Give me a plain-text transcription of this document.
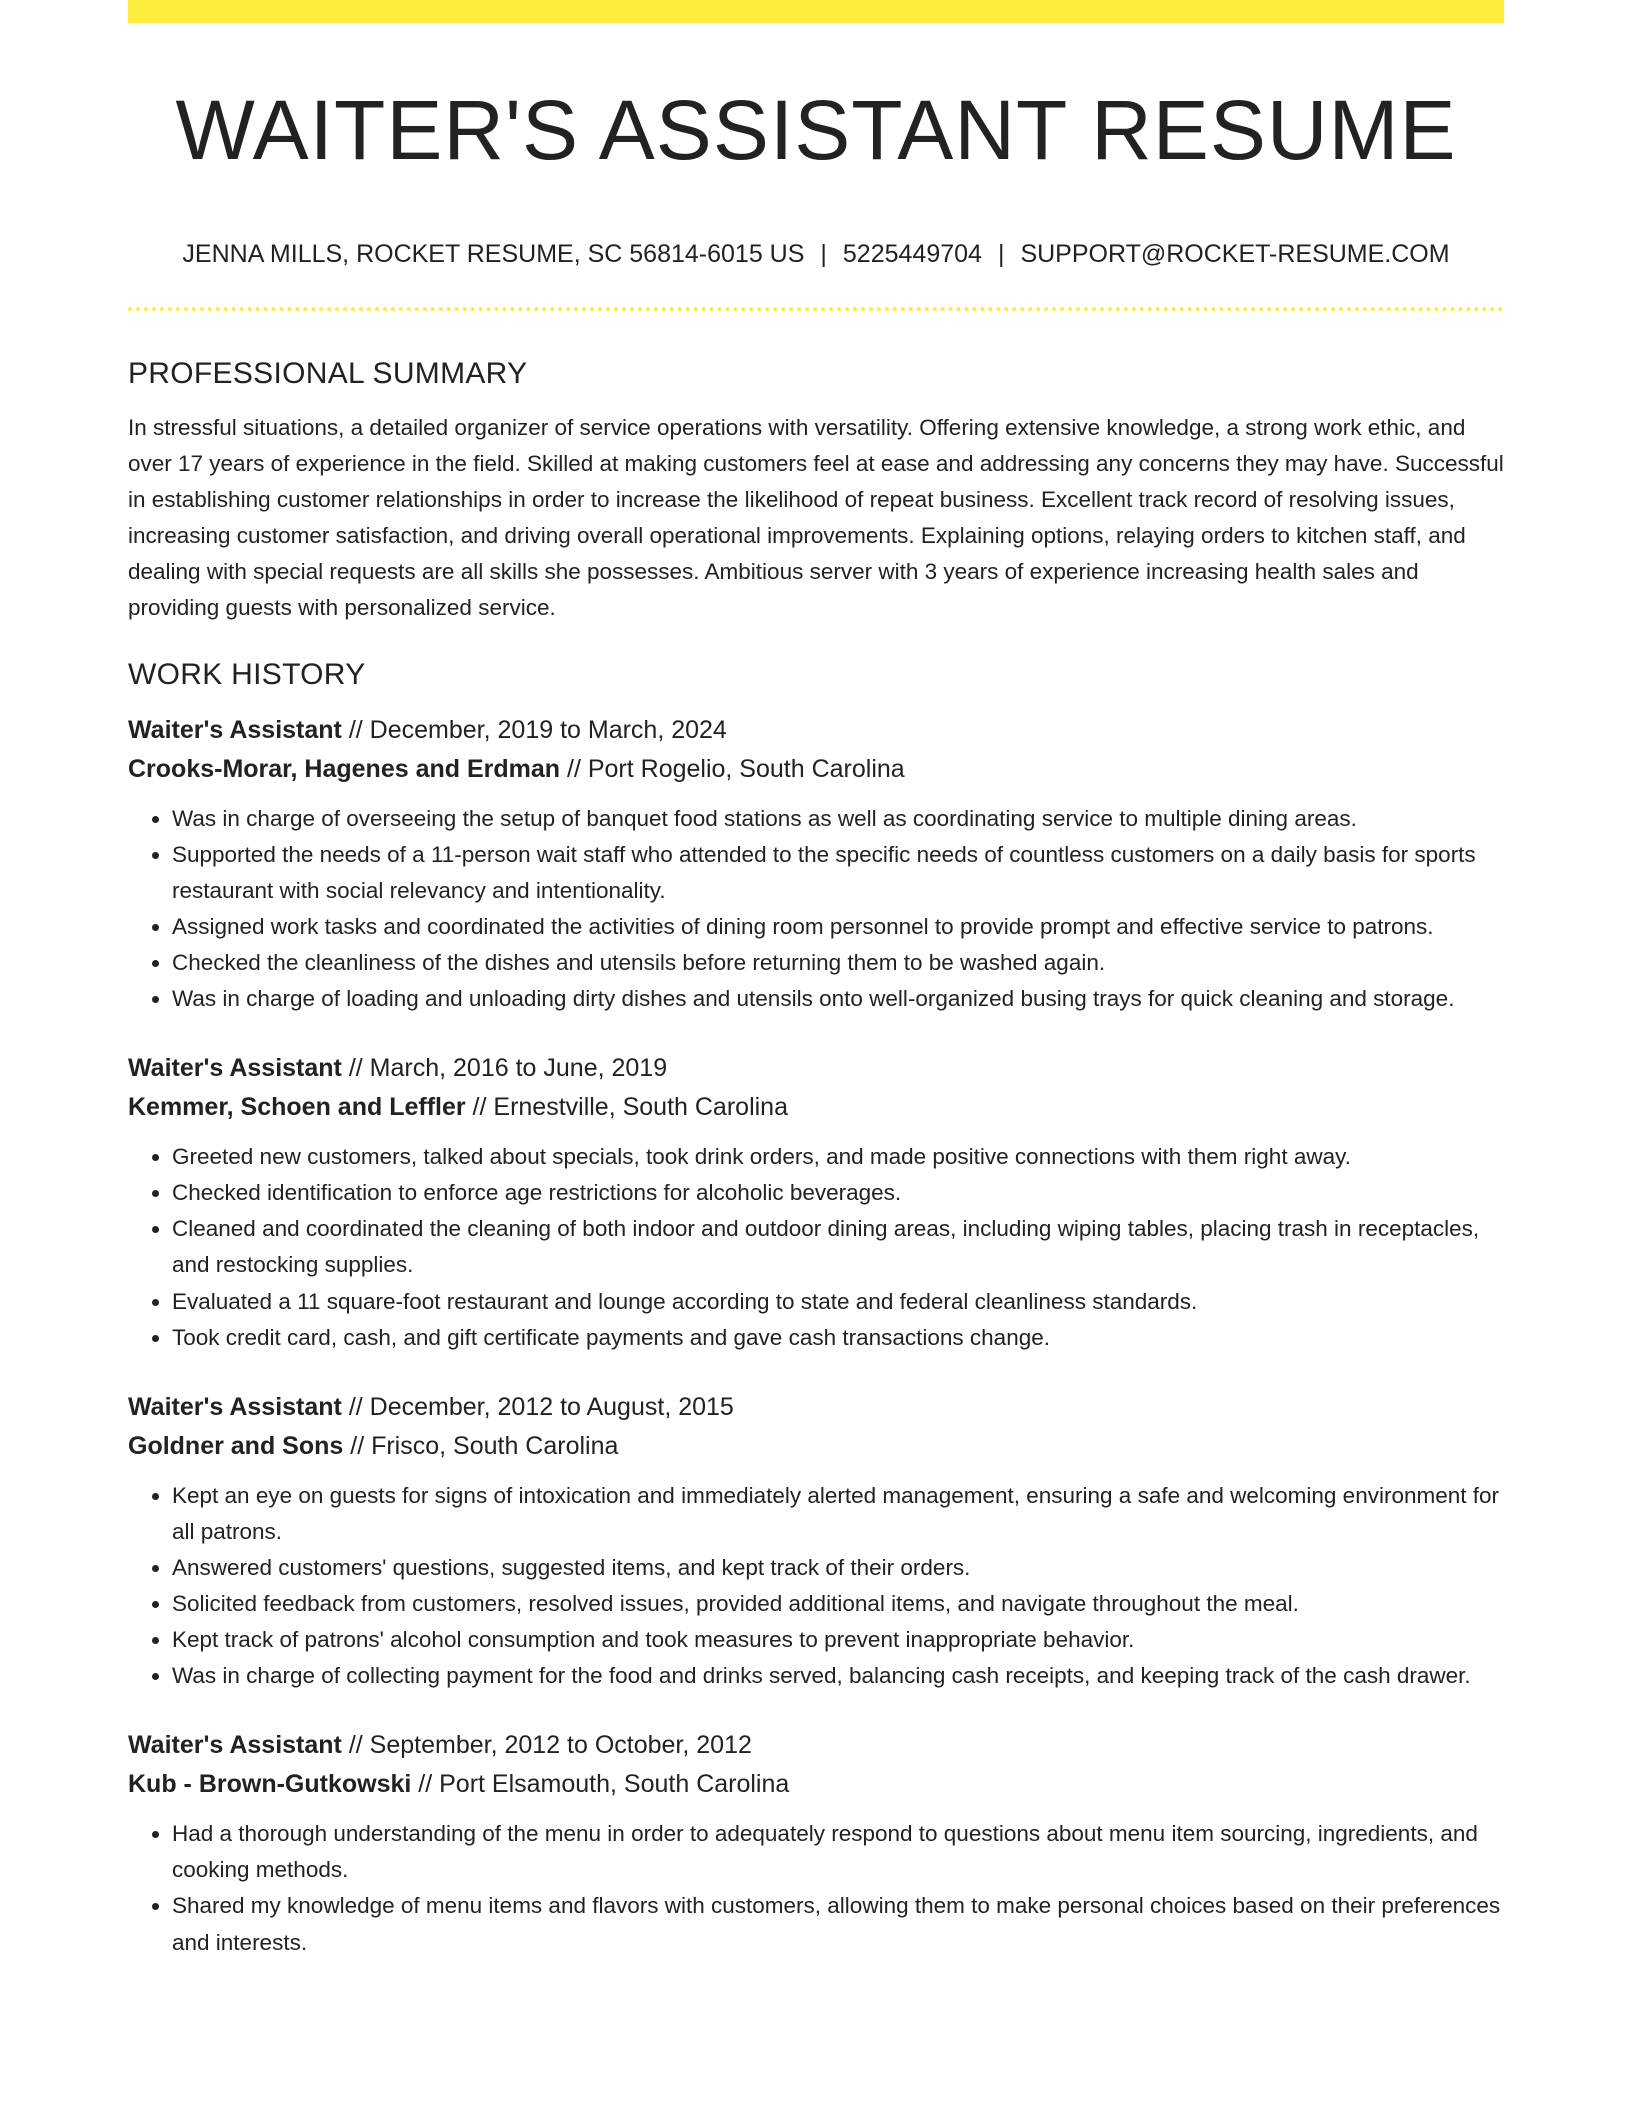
WAITER'S ASSISTANT RESUME
JENNA MILLS, ROCKET RESUME, SC 56814-6015 US | 5225449704 | SUPPORT@ROCKET-RESUME.COM
PROFESSIONAL SUMMARY

In stressful situations, a detailed organizer of service operations with versatility. Offering extensive knowledge, a strong work ethic, and over 17 years of experience in the field. Skilled at making customers feel at ease and addressing any concerns they may have. Successful in establishing customer relationships in order to increase the likelihood of repeat business. Excellent track record of resolving issues, increasing customer satisfaction, and driving overall operational improvements. Explaining options, relaying orders to kitchen staff, and dealing with special requests are all skills she possesses. Ambitious server with 3 years of experience increasing health sales and providing guests with personalized service.

WORK HISTORY
Waiter's Assistant // December, 2019 to March, 2024
Crooks-Morar, Hagenes and Erdman // Port Rogelio, South Carolina
• Was in charge of overseeing the setup of banquet food stations as well as coordinating service to multiple dining areas.
• Supported the needs of a 11-person wait staff who attended to the specific needs of countless customers on a daily basis for sports restaurant with social relevancy and intentionality.
• Assigned work tasks and coordinated the activities of dining room personnel to provide prompt and effective service to patrons.
• Checked the cleanliness of the dishes and utensils before returning them to be washed again.
• Was in charge of loading and unloading dirty dishes and utensils onto well-organized busing trays for quick cleaning and storage.
Waiter's Assistant // March, 2016 to June, 2019
Kemmer, Schoen and Leffler // Ernestville, South Carolina
• Greeted new customers, talked about specials, took drink orders, and made positive connections with them right away.
• Checked identification to enforce age restrictions for alcoholic beverages.
• Cleaned and coordinated the cleaning of both indoor and outdoor dining areas, including wiping tables, placing trash in receptacles, and restocking supplies.
• Evaluated a 11 square-foot restaurant and lounge according to state and federal cleanliness standards.
• Took credit card, cash, and gift certificate payments and gave cash transactions change.
Waiter's Assistant // December, 2012 to August, 2015
Goldner and Sons // Frisco, South Carolina
• Kept an eye on guests for signs of intoxication and immediately alerted management, ensuring a safe and welcoming environment for all patrons.
• Answered customers' questions, suggested items, and kept track of their orders.
• Solicited feedback from customers, resolved issues, provided additional items, and navigate throughout the meal.
• Kept track of patrons' alcohol consumption and took measures to prevent inappropriate behavior.
• Was in charge of collecting payment for the food and drinks served, balancing cash receipts, and keeping track of the cash drawer.
Waiter's Assistant // September, 2012 to October, 2012
Kub - Brown-Gutkowski // Port Elsamouth, South Carolina
• Had a thorough understanding of the menu in order to adequately respond to questions about menu item sourcing, ingredients, and cooking methods.
• Shared my knowledge of menu items and flavors with customers, allowing them to make personal choices based on their preferences and interests.
